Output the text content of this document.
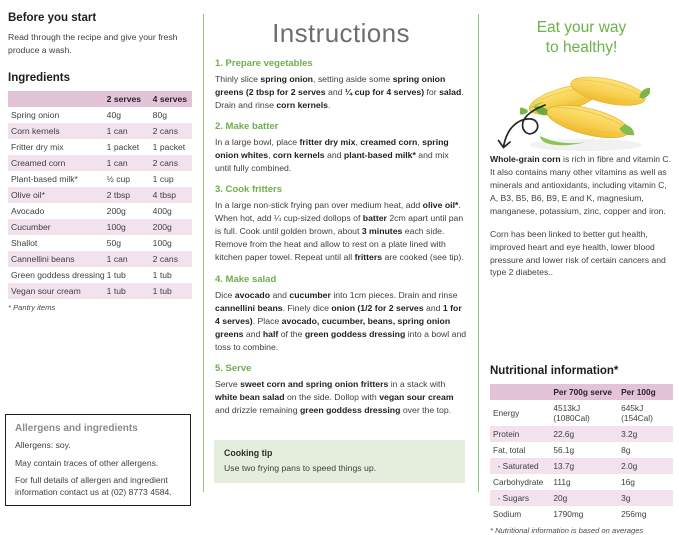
Before you start

Read through the recipe and give your fresh produce a wash.

Ingredients
	2 serves	4 serves
Spring onion	40g	80g
Corn kernels	1 can	2 cans
Fritter dry mix	1 packet	1 packet
Creamed corn	1 can	2 cans
Plant-based milk*	½ cup	1 cup
Olive oil*	2 tbsp	4 tbsp
Avocado	200g	400g
Cucumber	100g	200g
Shallot	50g	100g
Cannellini beans	1 can	2 cans
Green goddess dressing	1 tub	1 tub
Vegan sour cream	1 tub	1 tub

* Pantry items

Allergens and ingredients

Allergens: soy.

May contain traces of other allergens.

For full details of allergen and ingredient information contact us at (02) 8773 4584.

Instructions
1. Prepare vegetables

Thinly slice spring onion, setting aside some spring onion greens (2 tbsp for 2 serves and ¼ cup for 4 serves) for salad. Drain and rinse corn kernels.

2. Make batter

In a large bowl, place fritter dry mix, creamed corn, spring onion whites, corn kernels and plant-based milk* and mix until fully combined.

3. Cook fritters

In a large non-stick frying pan over medium heat, add olive oil*. When hot, add ¼ cup-sized dollops of batter 2cm apart until pan is full. Cook until golden brown, about 3 minutes each side. Remove from the heat and allow to rest on a plate lined with kitchen paper towel. Repeat until all fritters are cooked (see tip).

4. Make salad

Dice avocado and cucumber into 1cm pieces. Drain and rinse cannellini beans. Finely dice onion (1/2 for 2 serves and 1 for 4 serves). Place avocado, cucumber, beans, spring onion greens and half of the green goddess dressing into a bowl and toss to combine.

5. Serve

Serve sweet corn and spring onion fritters in a stack with white bean salad on the side. Dollop with vegan sour cream and drizzle remaining green goddess dressing over the top.

Cooking tip

Use two frying pans to speed things up.

Eat your way
to healthy!

Whole-grain corn is rich in fibre and vitamin C. It also contains many other vitamins as well as minerals and antioxidants, including vitamin C, A, B3, B5, B6, B9, E and K, magnesium, manganese, potassium, zinc, copper and iron.

Corn has been linked to better gut health, improved heart and eye health, lower blood pressure and lower risk of certain cancers and type 2 diabetes..

Nutritional information*
	Per 700g serve	Per 100g
Energy	4513kJ (1080Cal)	645kJ (154Cal)
Protein	22.6g	3.2g
Fat, total	56.1g	8g
- Saturated	13.7g	2.0g
Carbohydrate	111g	16g
- Sugars	20g	3g
Sodium	1790mg	256mg

* Nutritional information is based on averages
